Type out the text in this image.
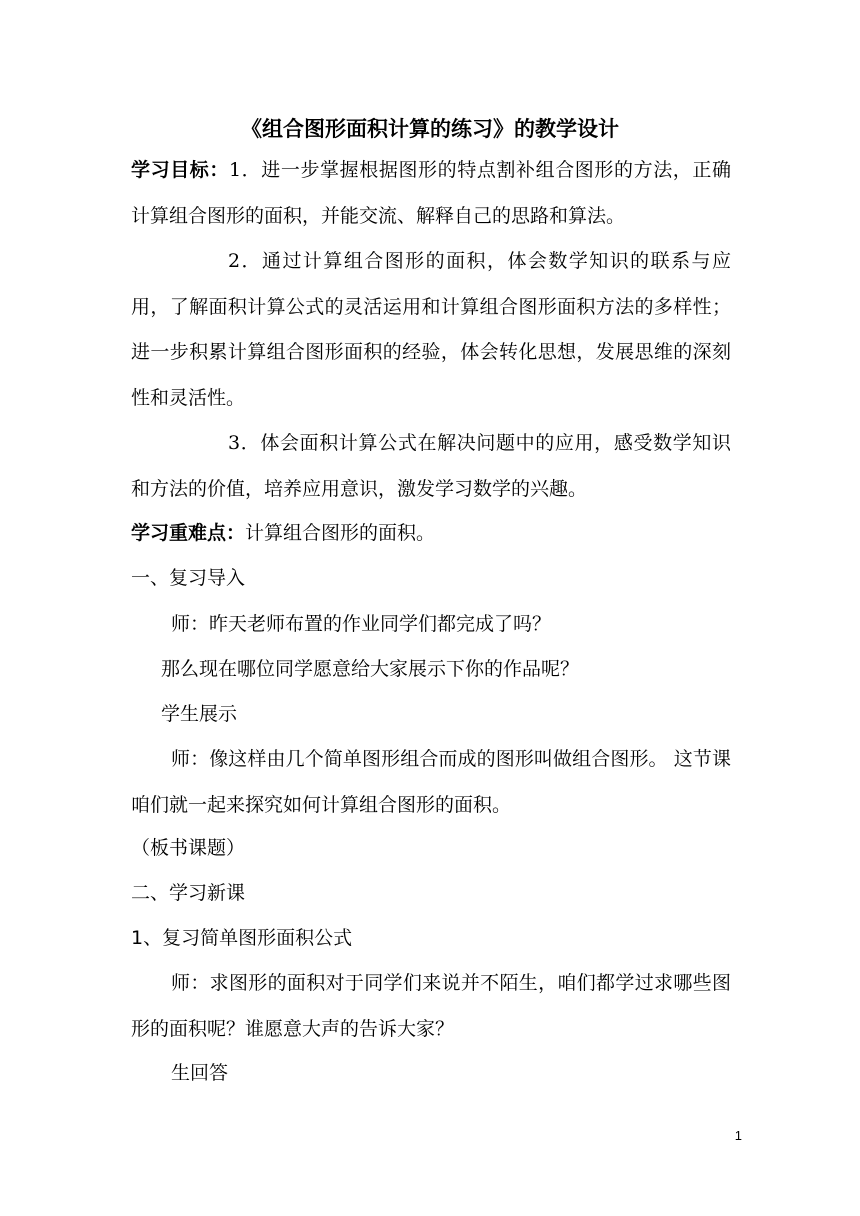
《组合图形面积计算的练习》的教学设计
学习目标：1．进一步掌握根据图形的特点割补组合图形的方法，正确计算组合图形的面积，并能交流、解释自己的思路和算法。
2．通过计算组合图形的面积，体会数学知识的联系与应用，了解面积计算公式的灵活运用和计算组合图形面积方法的多样性；进一步积累计算组合图形面积的经验，体会转化思想，发展思维的深刻性和灵活性。
3．体会面积计算公式在解决问题中的应用，感受数学知识和方法的价值，培养应用意识，激发学习数学的兴趣。
学习重难点：计算组合图形的面积。
一、复习导入
师：昨天老师布置的作业同学们都完成了吗？
那么现在哪位同学愿意给大家展示下你的作品呢？
学生展示
师：像这样由几个简单图形组合而成的图形叫做组合图形。 这节课咱们就一起来探究如何计算组合图形的面积。
（板书课题）
二、学习新课
1、复习简单图形面积公式
师：求图形的面积对于同学们来说并不陌生，咱们都学过求哪些图形的面积呢？谁愿意大声的告诉大家？
生回答
1
